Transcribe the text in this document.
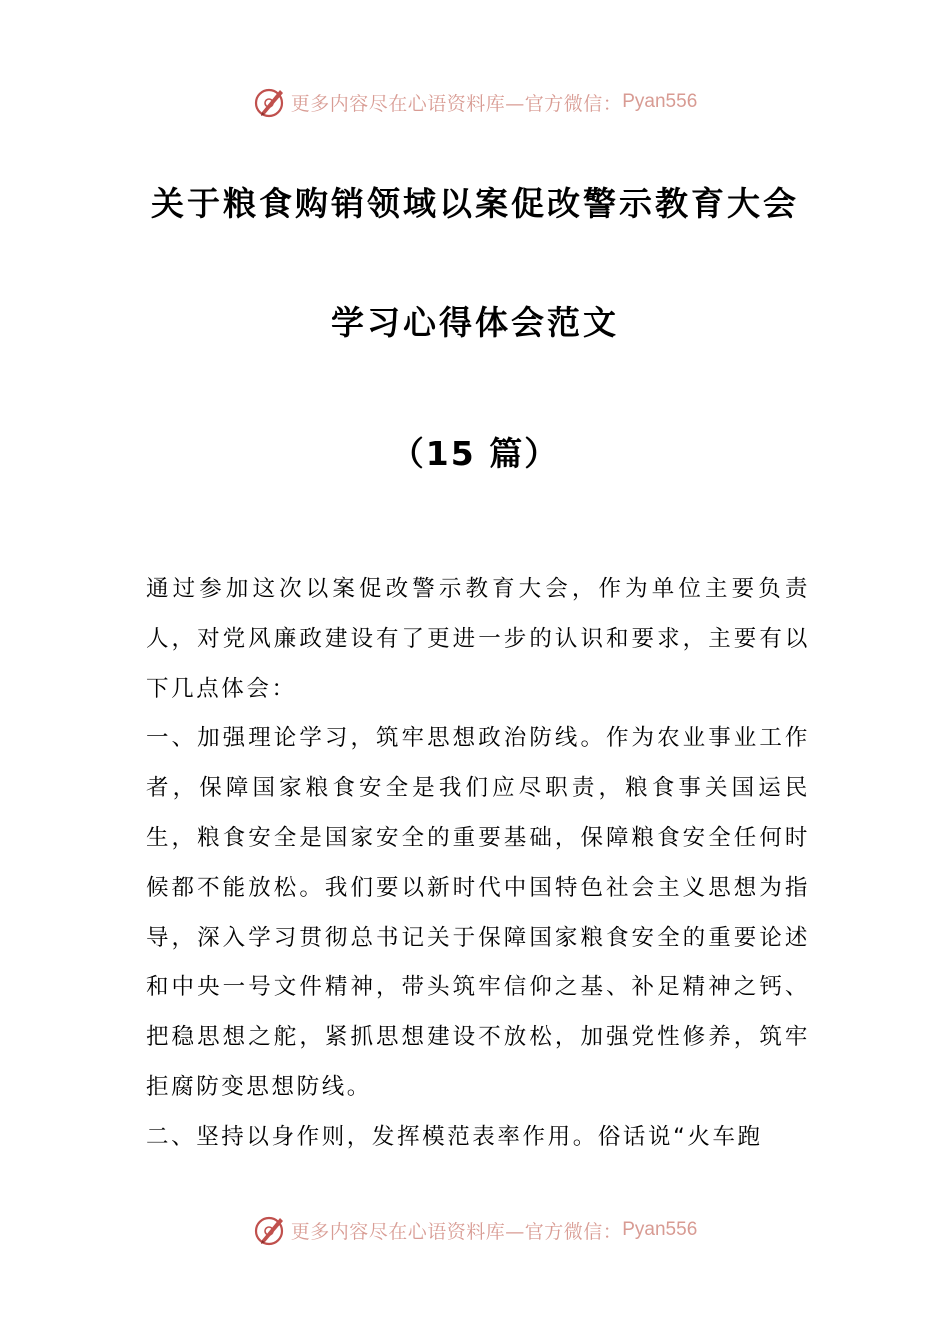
更多内容尽在心语资料库—官方微信： Pyan556
关于粮食购销领域以案促改警示教育大会
学习心得体会范文
（15 篇）

通过参加这次以案促改警示教育大会，作为单位主要负责人，对党风廉政建设有了更进一步的认识和要求，主要有以下几点体会：

一、加强理论学习，筑牢思想政治防线。作为农业事业工作者，保障国家粮食安全是我们应尽职责，粮食事关国运民生，粮食安全是国家安全的重要基础，保障粮食安全任何时候都不能放松。我们要以新时代中国特色社会主义思想为指导，深入学习贯彻总书记关于保障国家粮食安全的重要论述和中央一号文件精神，带头筑牢信仰之基、补足精神之钙、把稳思想之舵，紧抓思想建设不放松，加强党性修养，筑牢拒腐防变思想防线。

二、坚持以身作则，发挥模范表率作用。俗话说“火车跑

更多内容尽在心语资料库—官方微信： Pyan556
